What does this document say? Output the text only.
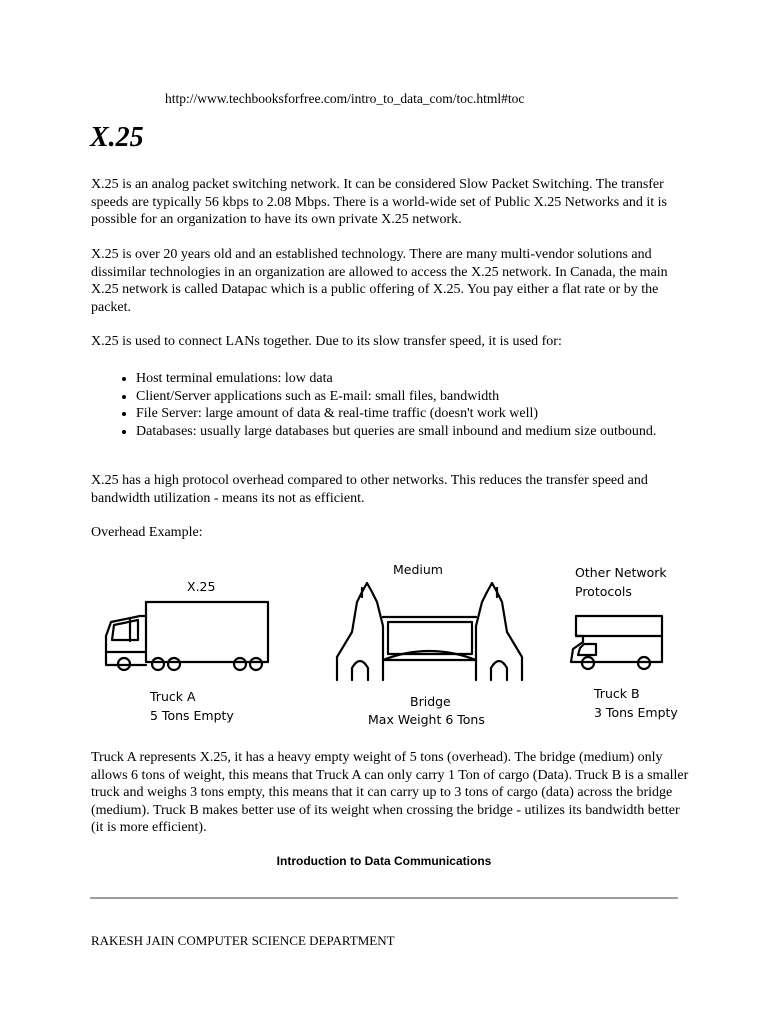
http://www.techbooksforfree.com/intro_to_data_com/toc.html#toc
X.25

X.25 is an analog packet switching network. It can be considered Slow Packet Switching. The transfer speeds are typically 56 kbps to 2.08 Mbps. There is a world-wide set of Public X.25 Networks and it is possible for an organization to have its own private X.25 network.

X.25 is over 20 years old and an established technology. There are many multi-vendor solutions and dissimilar technologies in an organization are allowed to access the X.25 network. In Canada, the main X.25 network is called Datapac which is a public offering of X.25. You pay either a flat rate or by the packet.

X.25 is used to connect LANs together. Due to its slow transfer speed, it is used for:

• Host terminal emulations: low data
• Client/Server applications such as E-mail: small files, bandwidth
• File Server: large amount of data & real-time traffic (doesn't work well)
• Databases: usually large databases but queries are small inbound and medium size outbound.

X.25 has a high protocol overhead compared to other networks. This reduces the transfer speed and bandwidth utilization - means its not as efficient.

Overhead Example:

X.25
Truck A
5 Tons Empty
Medium
Bridge
Max Weight 6 Tons
Other Network
Protocols
Truck B
3 Tons Empty

Truck A represents X.25, it has a heavy empty weight of 5 tons (overhead). The bridge (medium) only allows 6 tons of weight, this means that Truck A can only carry 1 Ton of cargo (Data). Truck B is a smaller truck and weighs 3 tons empty, this means that it can carry up to 3 tons of cargo (data) across the bridge (medium). Truck B makes better use of its weight when crossing the bridge - utilizes its bandwidth better (it is more efficient).

Introduction to Data Communications
RAKESH JAIN COMPUTER SCIENCE DEPARTMENT
